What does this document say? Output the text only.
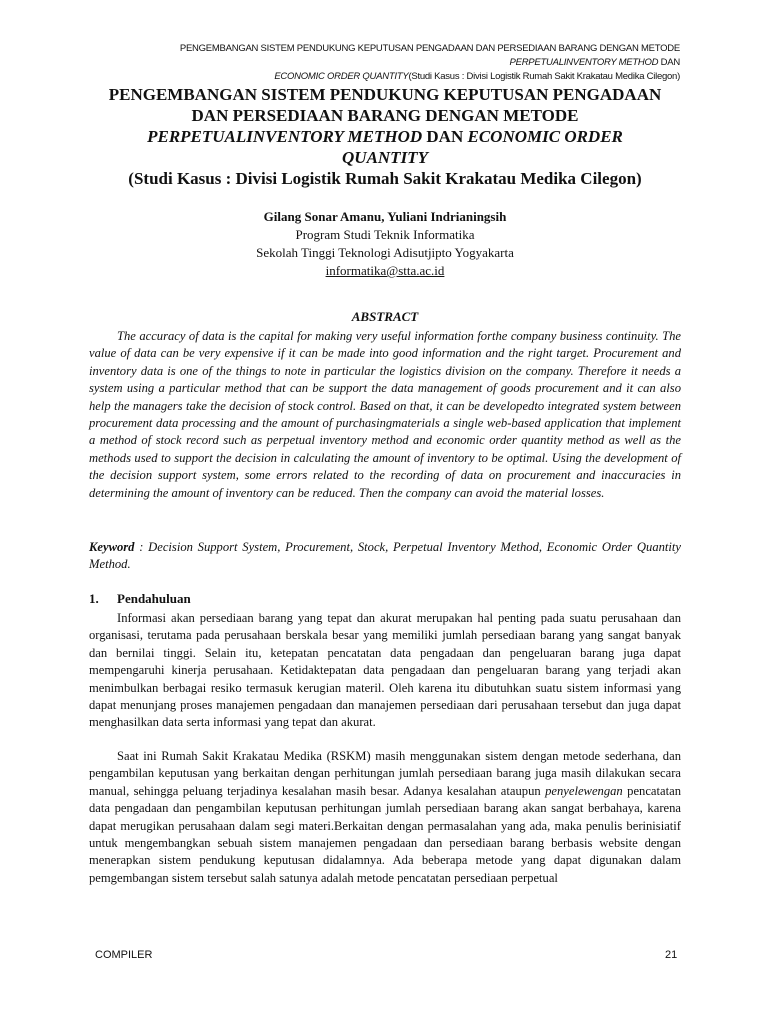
PENGEMBANGAN SISTEM PENDUKUNG KEPUTUSAN PENGADAAN DAN PERSEDIAAN BARANG DENGAN METODE PERPETUALINVENTORY METHOD DAN
ECONOMIC ORDER QUANTITY(Studi Kasus : Divisi Logistik Rumah Sakit Krakatau Medika Cilegon)
PENGEMBANGAN SISTEM PENDUKUNG KEPUTUSAN PENGADAAN
DAN PERSEDIAAN BARANG DENGAN METODE
PERPETUALINVENTORY METHOD DAN ECONOMIC ORDER
QUANTITY
(Studi Kasus : Divisi Logistik Rumah Sakit Krakatau Medika Cilegon)
Gilang Sonar Amanu, Yuliani Indrianingsih
Program Studi Teknik Informatika
Sekolah Tinggi Teknologi Adisutjipto Yogyakarta
informatika@stta.ac.id
ABSTRACT

The accuracy of data is the capital for making very useful information forthe company business continuity. The value of data can be very expensive if it can be made into good information and the right target. Procurement and inventory data is one of the things to note in particular the logistics division on the company. Therefore it needs a system using a particular method that can be support the data management of goods procurement and it can also help the managers take the decision of stock control. Based on that, it can be developedto integrated system between procurement data processing and the amount of purchasingmaterials a single web-based application that implement a method of stock record such as perpetual inventory method and economic order quantity method as well as the methods used to support the decision in calculating the amount of inventory to be optimal. Using the development of the decision support system, some errors related to the recording of data on procurement and inaccuracies in determining the amount of inventory can be reduced. Then the company can avoid the material losses.

Keyword : Decision Support System, Procurement, Stock, Perpetual Inventory Method, Economic Order Quantity Method.

1. Pendahuluan

Informasi akan persediaan barang yang tepat dan akurat merupakan hal penting pada suatu perusahaan dan organisasi, terutama pada perusahaan berskala besar yang memiliki jumlah persediaan barang yang sangat banyak dan bernilai tinggi. Selain itu, ketepatan pencatatan data pengadaan dan pengeluaran barang juga dapat mempengaruhi kinerja perusahaan. Ketidaktepatan data pengadaan dan pengeluaran barang yang terjadi akan menimbulkan berbagai resiko termasuk kerugian materil. Oleh karena itu dibutuhkan suatu sistem informasi yang dapat menunjang proses manajemen pengadaan dan manajemen persediaan dari perusahaan tersebut dan juga dapat menghasilkan data serta informasi yang tepat dan akurat.

Saat ini Rumah Sakit Krakatau Medika (RSKM) masih menggunakan sistem dengan metode sederhana, dan pengambilan keputusan yang berkaitan dengan perhitungan jumlah persediaan barang juga masih dilakukan secara manual, sehingga peluang terjadinya kesalahan masih besar. Adanya kesalahan ataupun penyelewengan pencatatan data pengadaan dan pengambilan keputusan perhitungan jumlah persediaan barang akan sangat berbahaya, karena dapat merugikan perusahaan dalam segi materi.Berkaitan dengan permasalahan yang ada, maka penulis berinisiatif untuk mengembangkan sebuah sistem manajemen pengadaan dan persediaan barang berbasis website dengan menerapkan sistem pendukung keputusan didalamnya. Ada beberapa metode yang dapat digunakan dalam pemgembangan sistem tersebut salah satunya adalah metode pencatatan persediaan perpetual

COMPILER	21
